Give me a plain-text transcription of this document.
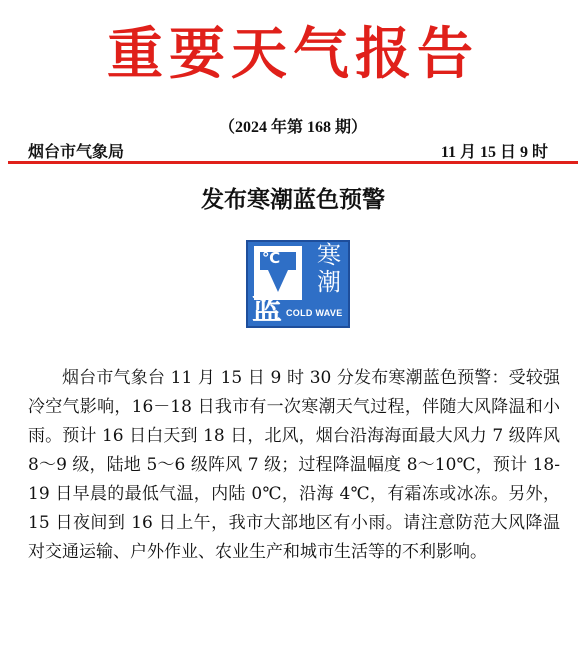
重要天气报告
（2024 年第 168 期）
烟台市气象局	11 月 15 日 9 时
发布寒潮蓝色预警
℃ 寒潮
蓝 COLD WAVE
烟台市气象台 11 月 15 日 9 时 30 分发布寒潮蓝色预警：受较强冷空气影响，16－18 日我市有一次寒潮天气过程，伴随大风降温和小雨。预计 16 日白天到 18 日，北风，烟台沿海海面最大风力 7 级阵风 8～9 级，陆地 5～6 级阵风 7 级；过程降温幅度 8～10℃，预计 18-19 日早晨的最低气温，内陆 0℃，沿海 4℃，有霜冻或冰冻。另外，15 日夜间到 16 日上午，我市大部地区有小雨。请注意防范大风降温对交通运输、户外作业、农业生产和城市生活等的不利影响。
